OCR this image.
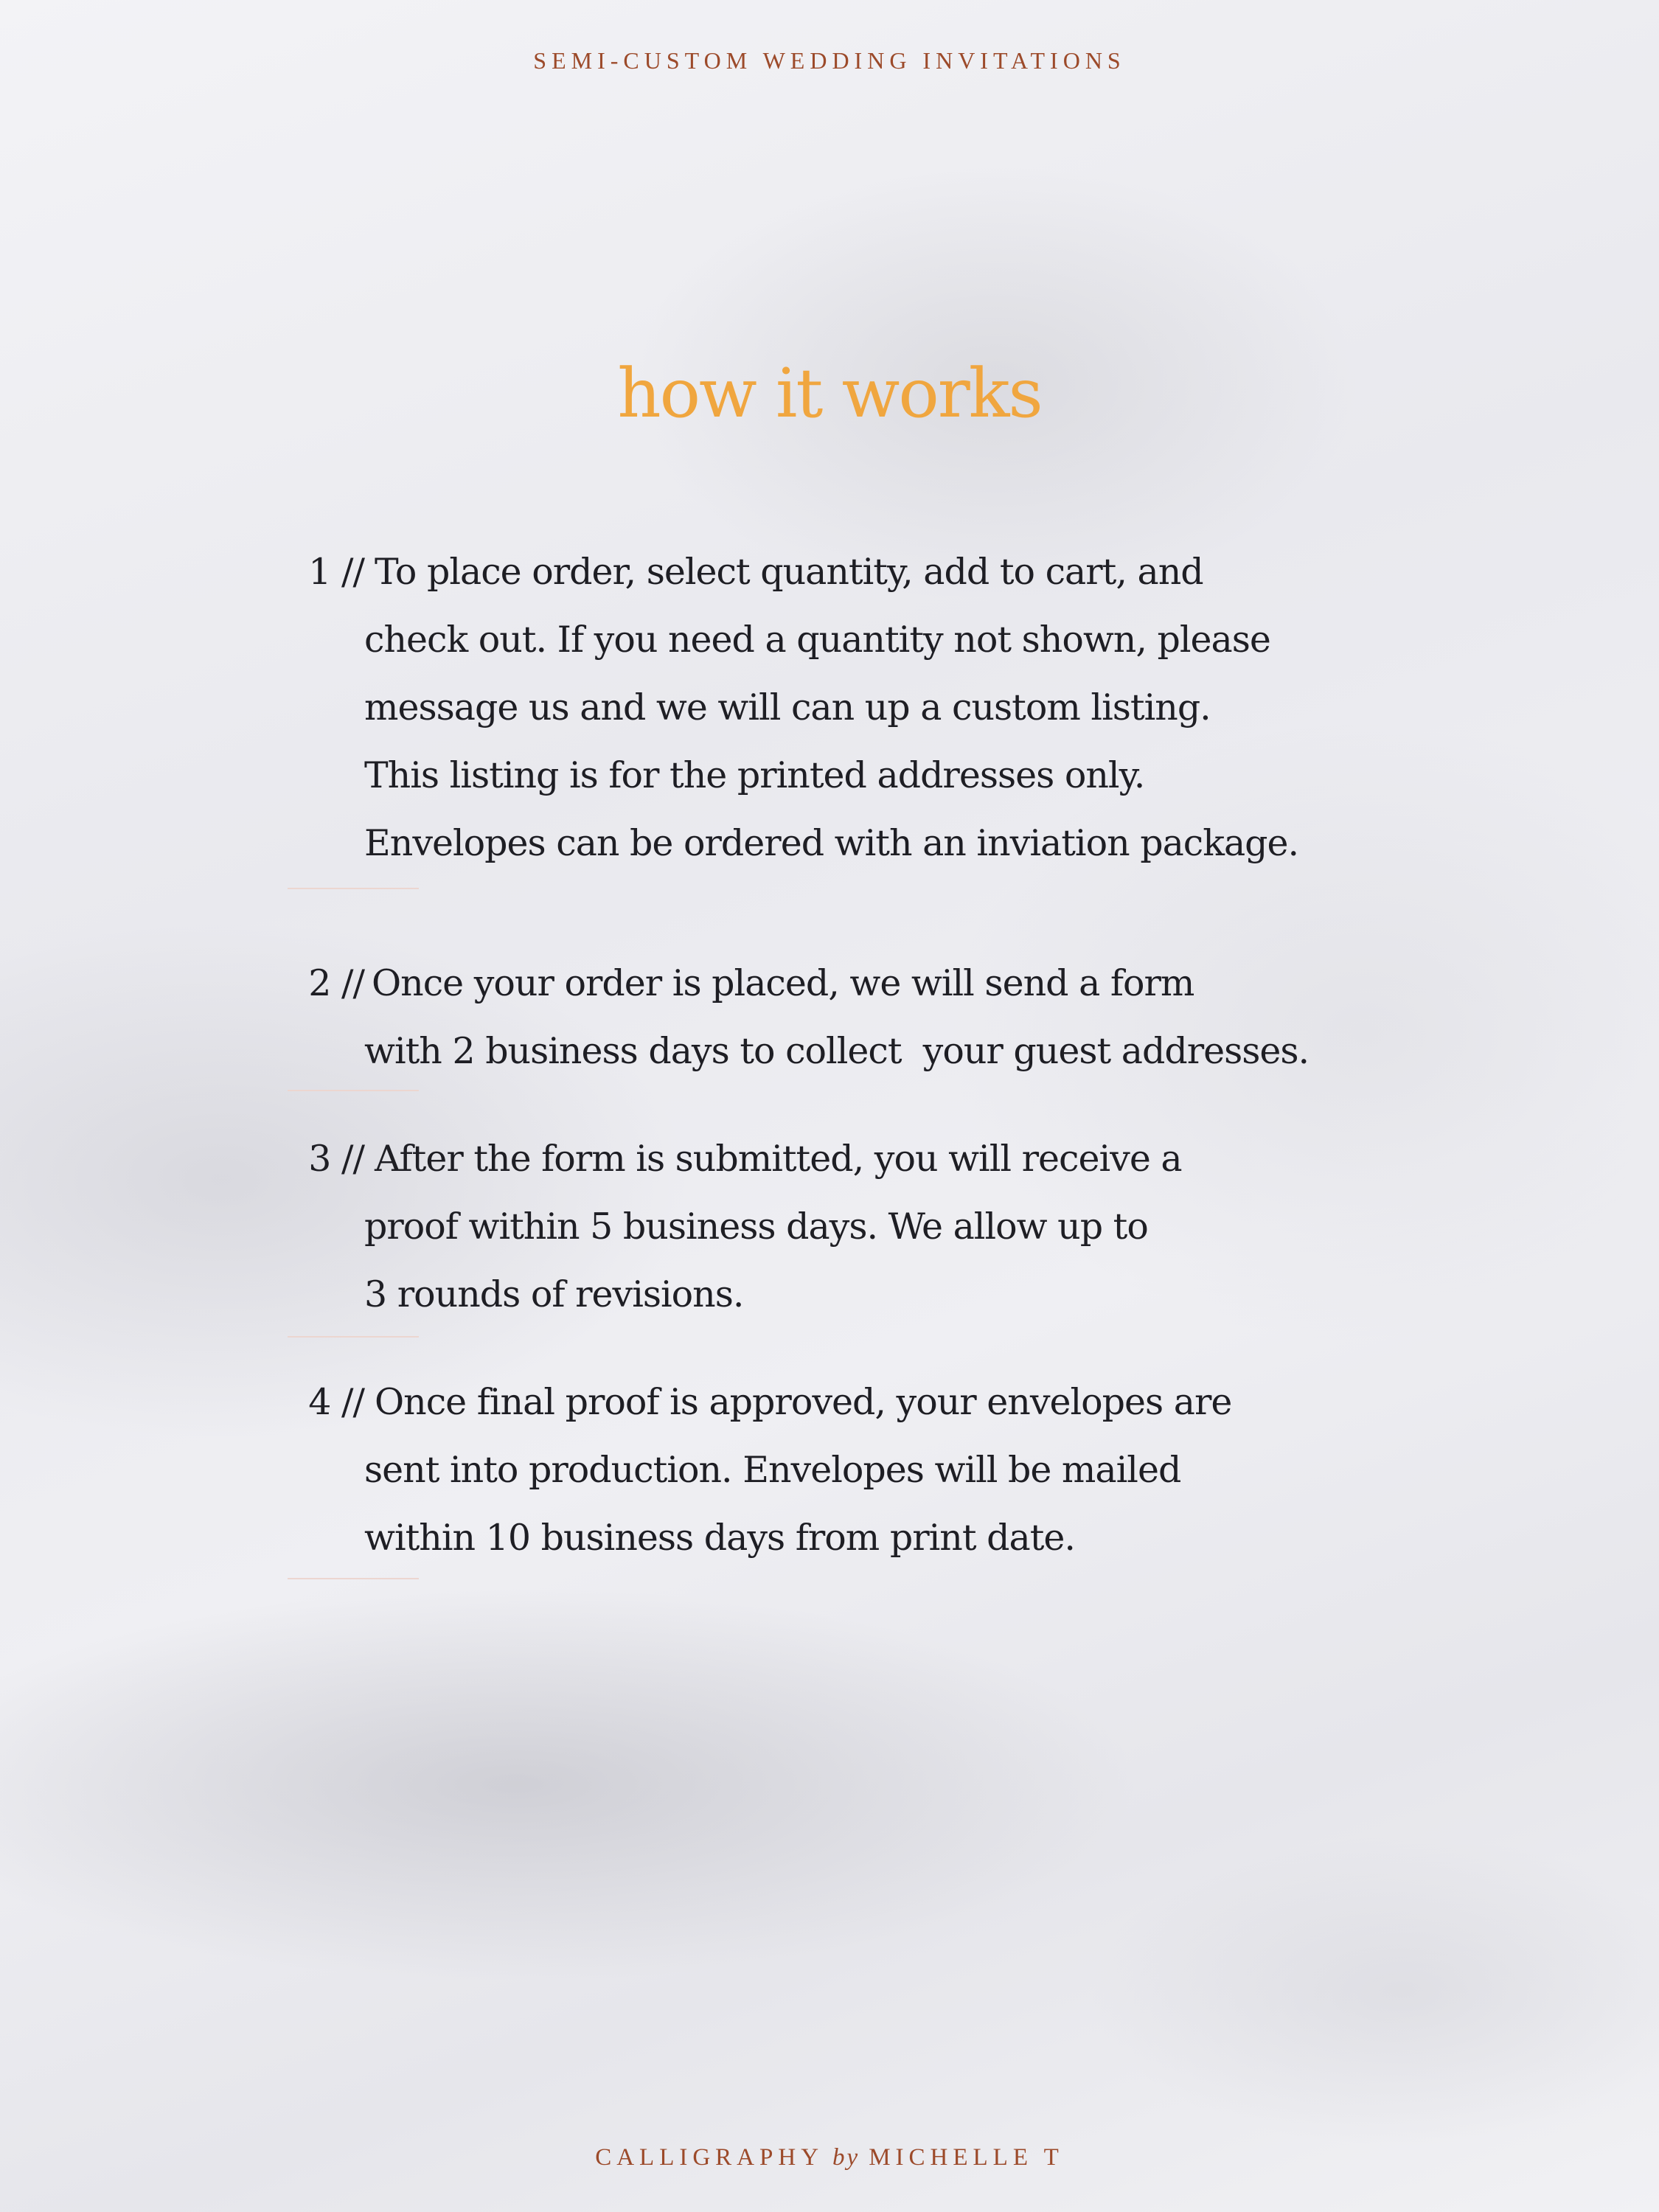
SEMI-CUSTOM WEDDING INVITATIONS
how it works
1 // To place order, select quantity, add to cart, and
check out. If you need a quantity not shown, please
message us and we will can up a custom listing.
This listing is for the printed addresses only.
Envelopes can be ordered with an inviation package.
2 // Once your order is placed, we will send a form
with 2 business days to collect  your guest addresses.
3 // After the form is submitted, you will receive a
proof within 5 business days. We allow up to
3 rounds of revisions.
4 // Once final proof is approved, your envelopes are
sent into production. Envelopes will be mailed
within 10 business days from print date.
CALLIGRAPHY by MICHELLE T
